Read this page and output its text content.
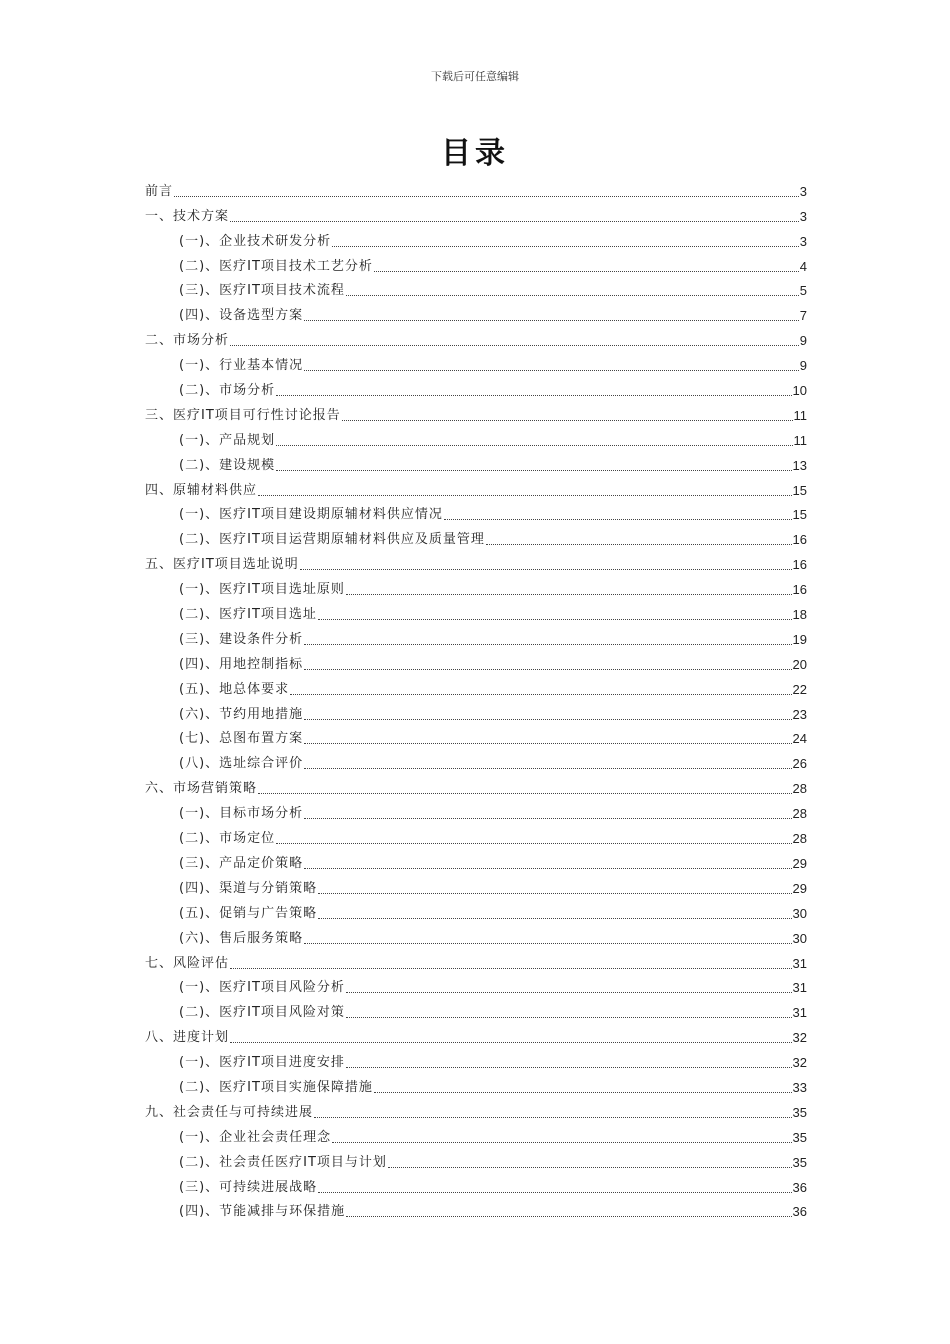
下载后可任意编辑
目录
前言	3
一、技术方案	3
(一)、企业技术研发分析	3
(二)、医疗IT项目技术工艺分析	4
(三)、医疗IT项目技术流程	5
(四)、设备选型方案	7
二、市场分析	9
(一)、行业基本情况	9
(二)、市场分析	10
三、医疗IT项目可行性讨论报告	11
(一)、产品规划	11
(二)、建设规模	13
四、原辅材料供应	15
(一)、医疗IT项目建设期原辅材料供应情况	15
(二)、医疗IT项目运营期原辅材料供应及质量管理	16
五、医疗IT项目选址说明	16
(一)、医疗IT项目选址原则	16
(二)、医疗IT项目选址	18
(三)、建设条件分析	19
(四)、用地控制指标	20
(五)、地总体要求	22
(六)、节约用地措施	23
(七)、总图布置方案	24
(八)、选址综合评价	26
六、市场营销策略	28
(一)、目标市场分析	28
(二)、市场定位	28
(三)、产品定价策略	29
(四)、渠道与分销策略	29
(五)、促销与广告策略	30
(六)、售后服务策略	30
七、风险评估	31
(一)、医疗IT项目风险分析	31
(二)、医疗IT项目风险对策	31
八、进度计划	32
(一)、医疗IT项目进度安排	32
(二)、医疗IT项目实施保障措施	33
九、社会责任与可持续进展	35
(一)、企业社会责任理念	35
(二)、社会责任医疗IT项目与计划	35
(三)、可持续进展战略	36
(四)、节能减排与环保措施	36
